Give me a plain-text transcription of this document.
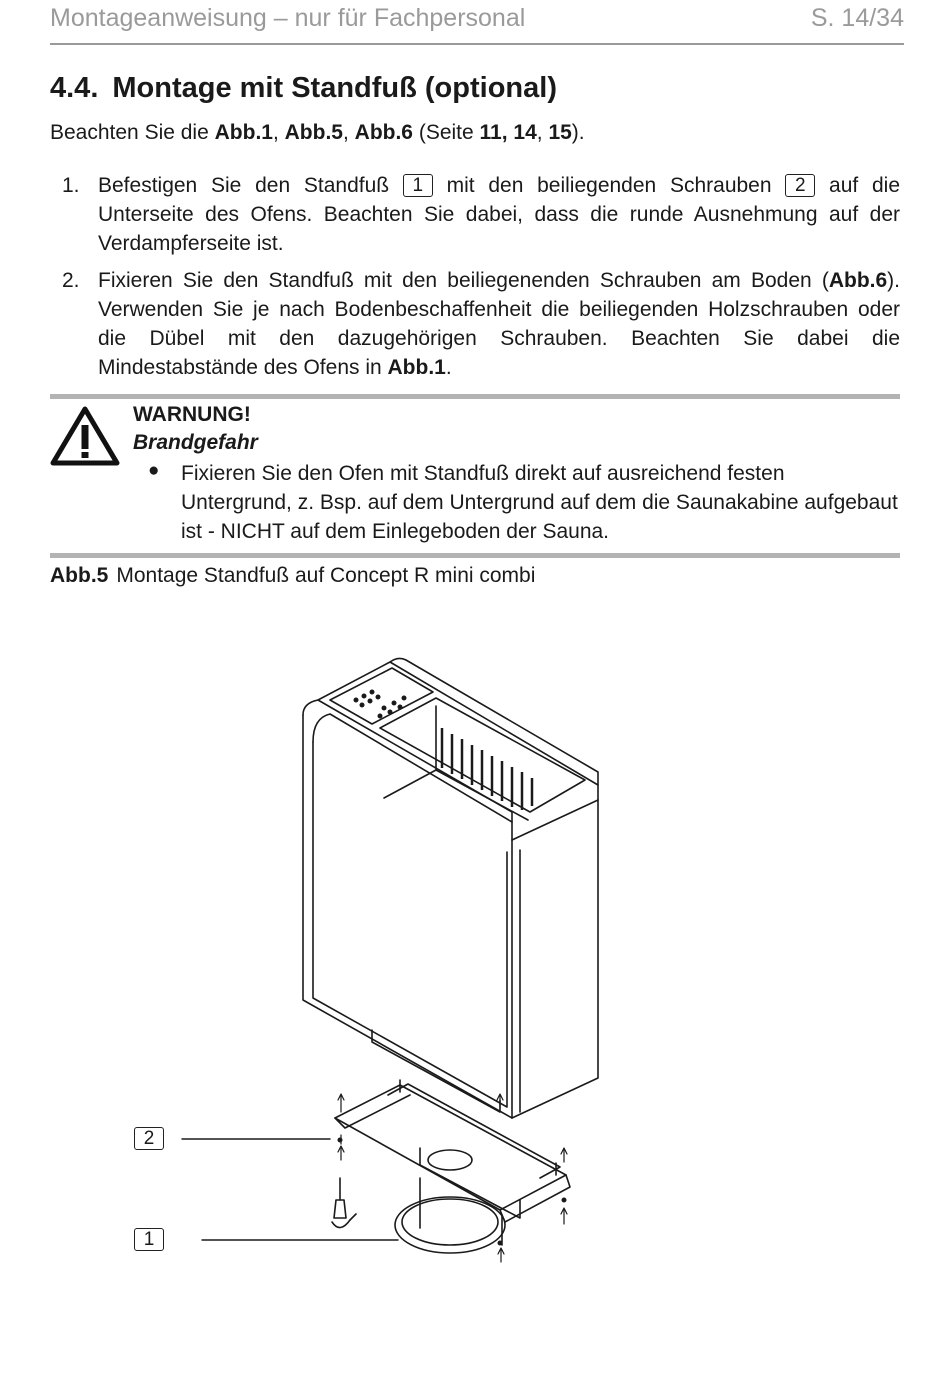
Montageanweisung – nur für Fachpersonal	S. 14/34
4.4. Montage mit Standfuß (optional)
Beachten Sie die Abb.1, Abb.5, Abb.6 (Seite 11, 14, 15).
1. Befestigen Sie den Standfuß 1 mit den beiliegenden Schrauben 2 auf die Unterseite des Ofens. Beachten Sie dabei, dass die runde Ausnehmung auf der Verdampferseite ist.
2. Fixieren Sie den Standfuß mit den beiliegenenden Schrauben am Boden (Abb.6). Verwenden Sie je nach Bodenbeschaffenheit die beiliegenden Holzschrauben oder die Dübel mit den dazugehörigen Schrauben. Beachten Sie dabei die Mindestabstände des Ofens in Abb.1.
WARNUNG!
Brandgefahr
● Fixieren Sie den Ofen mit Standfuß direkt auf ausreichend festen Untergrund, z. Bsp. auf dem Untergrund auf dem die Saunakabine aufgebaut ist - NICHT auf dem Einlegeboden der Sauna.
Abb.5 Montage Standfuß auf Concept R mini combi
2
1
